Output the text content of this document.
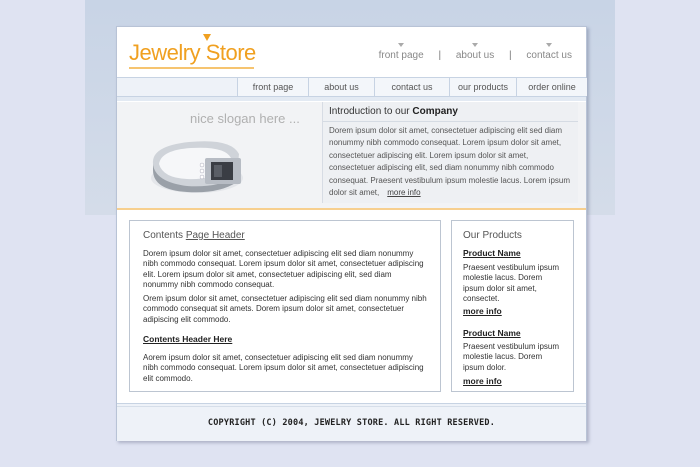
Jewelry Store	front page | about us | contact us
front page	about us	contact us	our products	order online
nice slogan here ...	Introduction to our Company

Dorem ipsum dolor sit amet, consectetuer adipiscing elit sed diam nonummy nibh commodo consequat. Lorem ipsum dolor sit amet, consectetuer adipiscing elit. Lorem ipsum dolor sit amet, consectetuer adipiscing elit, sed diam nonummy nibh commodo consequat. Praesent vestibulum ipsum molestie lacus. Lorem ipsum dolor sit amet, more info

Contents Page Header

Dorem ipsum dolor sit amet, consectetuer adipiscing elit sed diam nonummy nibh commodo consequat. Lorem ipsum dolor sit amet, consectetuer adipiscing elit. Lorem ipsum dolor sit amet, consectetuer adipiscing elit, sed diam nonummy nibh commodo consequat.

Orem ipsum dolor sit amet, consectetuer adipiscing elit sed diam nonummy nibh commodo consequat sit amets. Dorem ipsum dolor sit amet, consectetuer adipiscing elit commodo.

Contents Header Here

Aorem ipsum dolor sit amet, consectetuer adipiscing elit sed diam nonummy nibh commodo consequat. Lorem ipsum dolor sit amet, consectetuer adipiscing elit commodo.

Our Products
Product Name

Praesent vestibulum ipsum molestie lacus. Dorem ipsum dolor sit amet, consectet.

more info
Product Name

Praesent vestibulum ipsum molestie lacus. Dorem ipsum dolor.

more info
COPYRIGHT (C) 2004, JEWELRY STORE. ALL RIGHT RESERVED.
